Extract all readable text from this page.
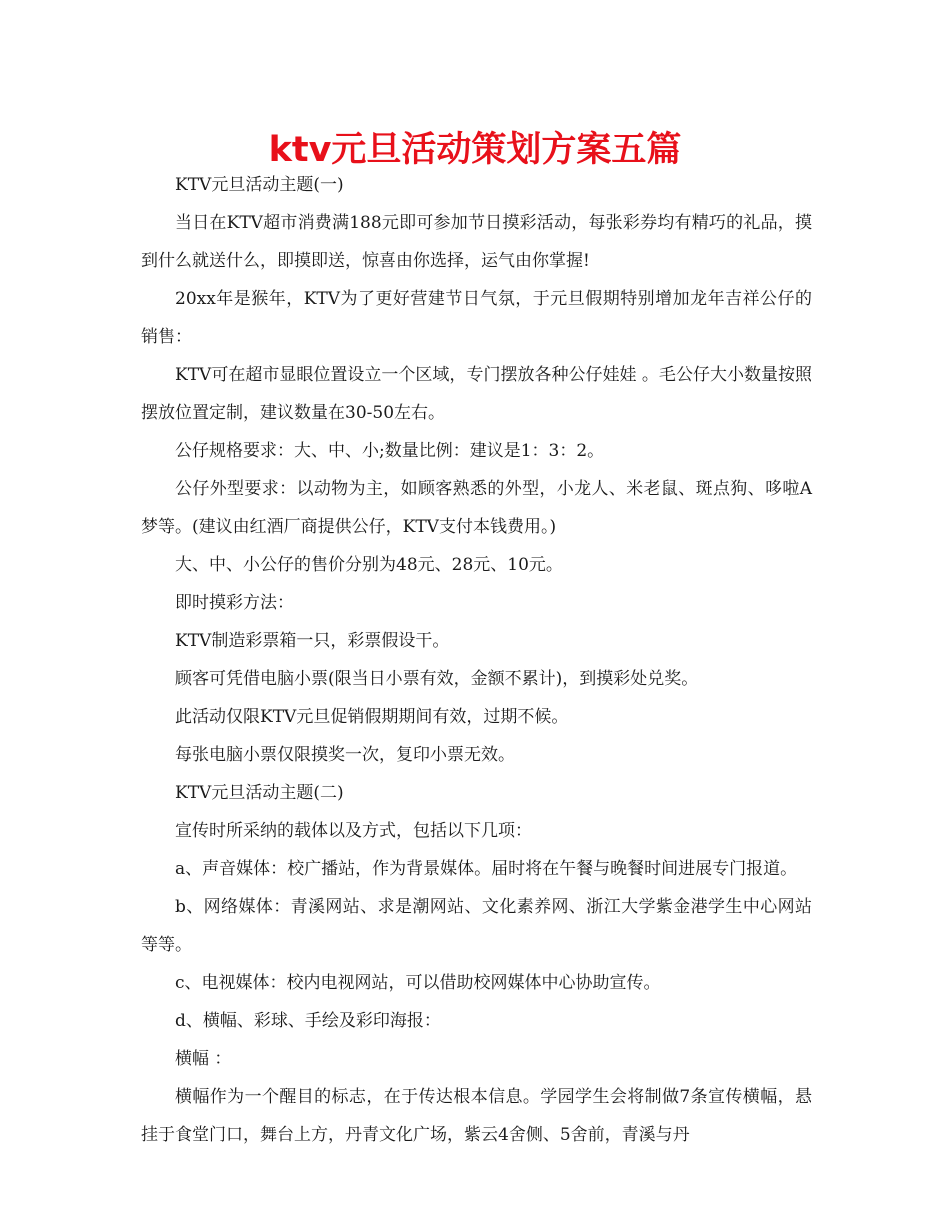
ktv元旦活动策划方案五篇

KTV元旦活动主题(一)

当日在KTV超市消费满188元即可参加节日摸彩活动，每张彩券均有精巧的礼品，摸到什么就送什么，即摸即送，惊喜由你选择，运气由你掌握!

20xx年是猴年，KTV为了更好营建节日气氛，于元旦假期特别增加龙年吉祥公仔的销售：

KTV可在超市显眼位置设立一个区域，专门摆放各种公仔娃娃 。毛公仔大小数量按照摆放位置定制，建议数量在30-50左右。

公仔规格要求：大、中、小;数量比例：建议是1：3：2。

公仔外型要求：以动物为主，如顾客熟悉的外型，小龙人、米老鼠、斑点狗、哆啦A梦等。(建议由红酒厂商提供公仔，KTV支付本钱费用。)

大、中、小公仔的售价分别为48元、28元、10元。

即时摸彩方法：

KTV制造彩票箱一只，彩票假设干。

顾客可凭借电脑小票(限当日小票有效，金额不累计)，到摸彩处兑奖。

此活动仅限KTV元旦促销假期期间有效，过期不候。

每张电脑小票仅限摸奖一次，复印小票无效。

KTV元旦活动主题(二)

宣传时所采纳的载体以及方式，包括以下几项：

a、声音媒体：校广播站，作为背景媒体。届时将在午餐与晚餐时间进展专门报道。

b、网络媒体：青溪网站、求是潮网站、文化素养网、浙江大学紫金港学生中心网站等等。

c、电视媒体：校内电视网站，可以借助校网媒体中心协助宣传。

d、横幅、彩球、手绘及彩印海报：

横幅 ：

横幅作为一个醒目的标志，在于传达根本信息。学园学生会将制做7条宣传横幅，悬挂于食堂门口，舞台上方，丹青文化广场，紫云4舍侧、5舍前，青溪与丹
